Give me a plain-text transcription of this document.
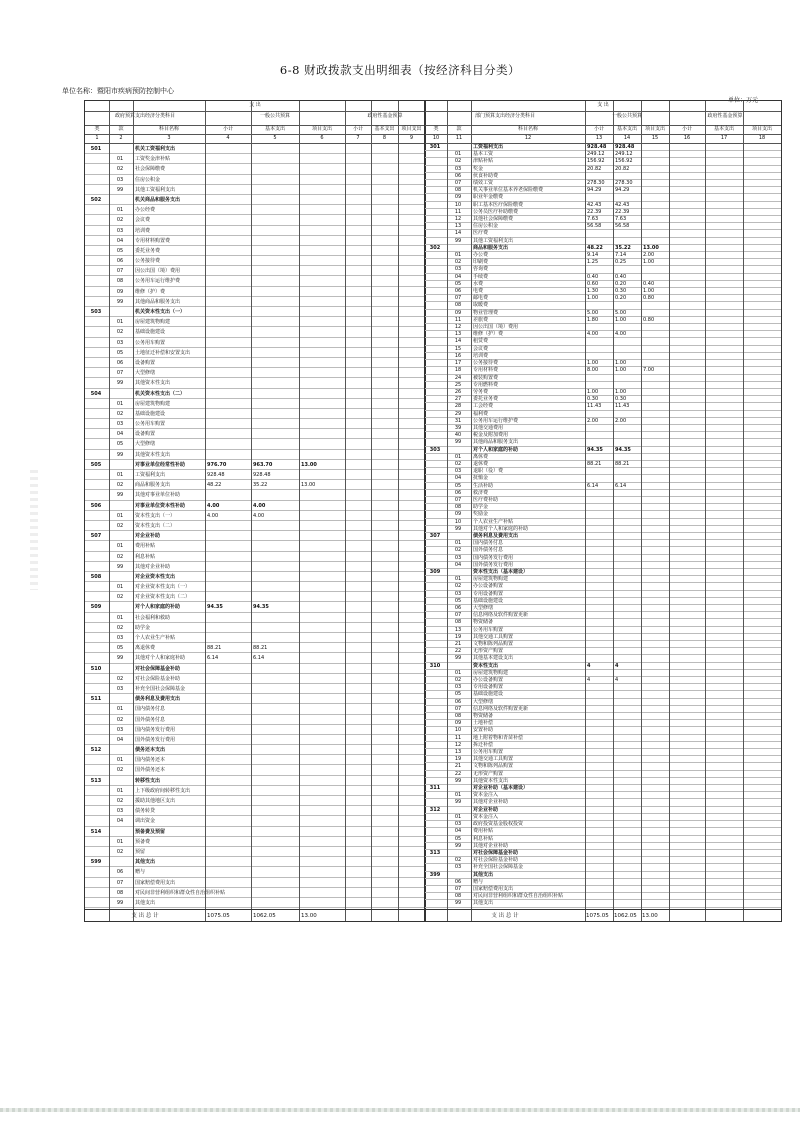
6-8 财政拨款支出明细表（按经济科目分类）
单位名称：暨阳市疾病预防控制中心
单位：万元
支 出
政府预算支出经济分类科目	一般公共预算	政府性基金预算
类	款	科目名称	小计	基本支出	项目支出	小计	基本支出	项目支出
1	2	3	4	5	6	7	8	9
501	机关工资福利支出
01	工资奖金津补贴
02	社会保障缴费
03	住房公积金
99	其他工资福利支出
502	机关商品和服务支出
01	办公经费
02	会议费
03	培训费
04	专用材料购置费
05	委托业务费
06	公务接待费
07	因公出国（境）费用
08	公务用车运行维护费
09	维修（护）费
99	其他商品和服务支出
503	机关资本性支出（一）
01	房屋建筑物购建
02	基础设施建设
03	公务用车购置
05	土地征迁补偿和安置支出
06	设备购置
07	大型修缮
99	其他资本性支出
504	机关资本性支出（二）
01	房屋建筑物购建
02	基础设施建设
03	公务用车购置
04	设备购置
05	大型修缮
99	其他资本性支出
505	对事业单位经常性补助	976.70	963.70	13.00
01	工资福利支出	928.48	928.48
02	商品和服务支出	48.22	35.22	13.00
99	其他对事业单位补助
506	对事业单位资本性补助	4.00	4.00
01	资本性支出（一）	4.00	4.00
02	资本性支出（二）
507	对企业补助
01	费用补贴
02	利息补贴
99	其他对企业补助
508	对企业资本性支出
01	对企业资本性支出（一）
02	对企业资本性支出（二）
509	对个人和家庭的补助	94.35	94.35
01	社会福利和救助
02	助学金
03	个人农业生产补贴
05	离退休费	88.21	88.21
99	其他对个人和家庭补助	6.14	6.14
510	对社会保障基金补助
02	对社会保险基金补助
03	补充全国社会保障基金
511	债务利息及费用支出
01	国内债务付息
02	国外债务付息
03	国内债务发行费用
04	国外债务发行费用
512	债务还本支出
01	国内债务还本
02	国外债务还本
513	转移性支出
01	上下级政府间转移性支出
02	援助其他地区支出
03	债务转贷
04	调出资金
514	预备费及预留
01	预备费
02	预留
599	其他支出
06	赠与
07	国家赔偿费用支出
08	对民间非营利组织和群众性自治组织补贴
99	其他支出
支 出 总 计	1075.05	1062.05	13.00
支 出
部门预算支出经济分类科目	一般公共预算	政府性基金预算
类	款	科目名称	小计	基本支出	项目支出	小计	基本支出	项目支出
10	11	12	13	14	15	16	17	18
301	工资福利支出	928.48	928.48
01	基本工资	249.12	249.12
02	津贴补贴	156.92	156.92
03	奖金	20.82	20.82
06	伙食补助费
07	绩效工资	278.30	278.30
08	机关事业单位基本养老保险缴费	94.29	94.29
09	职业年金缴费
10	职工基本医疗保险缴费	42.43	42.43
11	公务员医疗补助缴费	22.39	22.39
12	其他社会保障缴费	7.63	7.63
13	住房公积金	56.58	56.58
14	医疗费
99	其他工资福利支出
302	商品和服务支出	48.22	35.22	13.00
01	办公费	9.14	7.14	2.00
02	印刷费	1.25	0.25	1.00
03	咨询费
04	手续费	0.40	0.40
05	水费	0.60	0.20	0.40
06	电费	1.30	0.30	1.00
07	邮电费	1.00	0.20	0.80
08	取暖费
09	物业管理费	5.00	5.00
11	差旅费	1.80	1.00	0.80
12	因公出国（境）费用
13	维修（护）费	4.00	4.00
14	租赁费
15	会议费
16	培训费
17	公务接待费	1.00	1.00
18	专用材料费	8.00	1.00	7.00
24	被装购置费
25	专用燃料费
26	劳务费	1.00	1.00
27	委托业务费	0.30	0.30
28	工会经费	11.43	11.43
29	福利费
31	公务用车运行维护费	2.00	2.00
39	其他交通费用
40	税金及附加费用
99	其他商品和服务支出
303	对个人和家庭的补助	94.35	94.35
01	离休费
02	退休费	88.21	88.21
03	退职（役）费
04	抚恤金
05	生活补助	6.14	6.14
06	救济费
07	医疗费补助
08	助学金
09	奖励金
10	个人农业生产补贴
99	其他对个人和家庭的补助
307	债务利息及费用支出
01	国内债务付息
02	国外债务付息
03	国内债务发行费用
04	国外债务发行费用
309	资本性支出（基本建设）
01	房屋建筑物购建
02	办公设备购置
03	专用设备购置
05	基础设施建设
06	大型修缮
07	信息网络及软件购置更新
08	物资储备
13	公务用车购置
19	其他交通工具购置
21	文物和陈列品购置
22	无形资产购置
99	其他基本建设支出
310	资本性支出	4	4
01	房屋建筑物购建
02	办公设备购置	4	4
03	专用设备购置
05	基础设施建设
06	大型修缮
07	信息网络及软件购置更新
08	物资储备
09	土地补偿
10	安置补助
11	地上附着物和青苗补偿
12	拆迁补偿
13	公务用车购置
19	其他交通工具购置
21	文物和陈列品购置
22	无形资产购置
99	其他资本性支出
311	对企业补助（基本建设）
01	资本金注入
99	其他对企业补助
312	对企业补助
01	资本金注入
03	政府投资基金股权投资
04	费用补贴
05	利息补贴
99	其他对企业补助
313	对社会保障基金补助
02	对社会保险基金补助
03	补充全国社会保障基金
399	其他支出
06	赠与
07	国家赔偿费用支出
08	对民间非营利组织和群众性自治组织补贴
99	其他支出
支 出 总 计	1075.05 1062.05 13.00
